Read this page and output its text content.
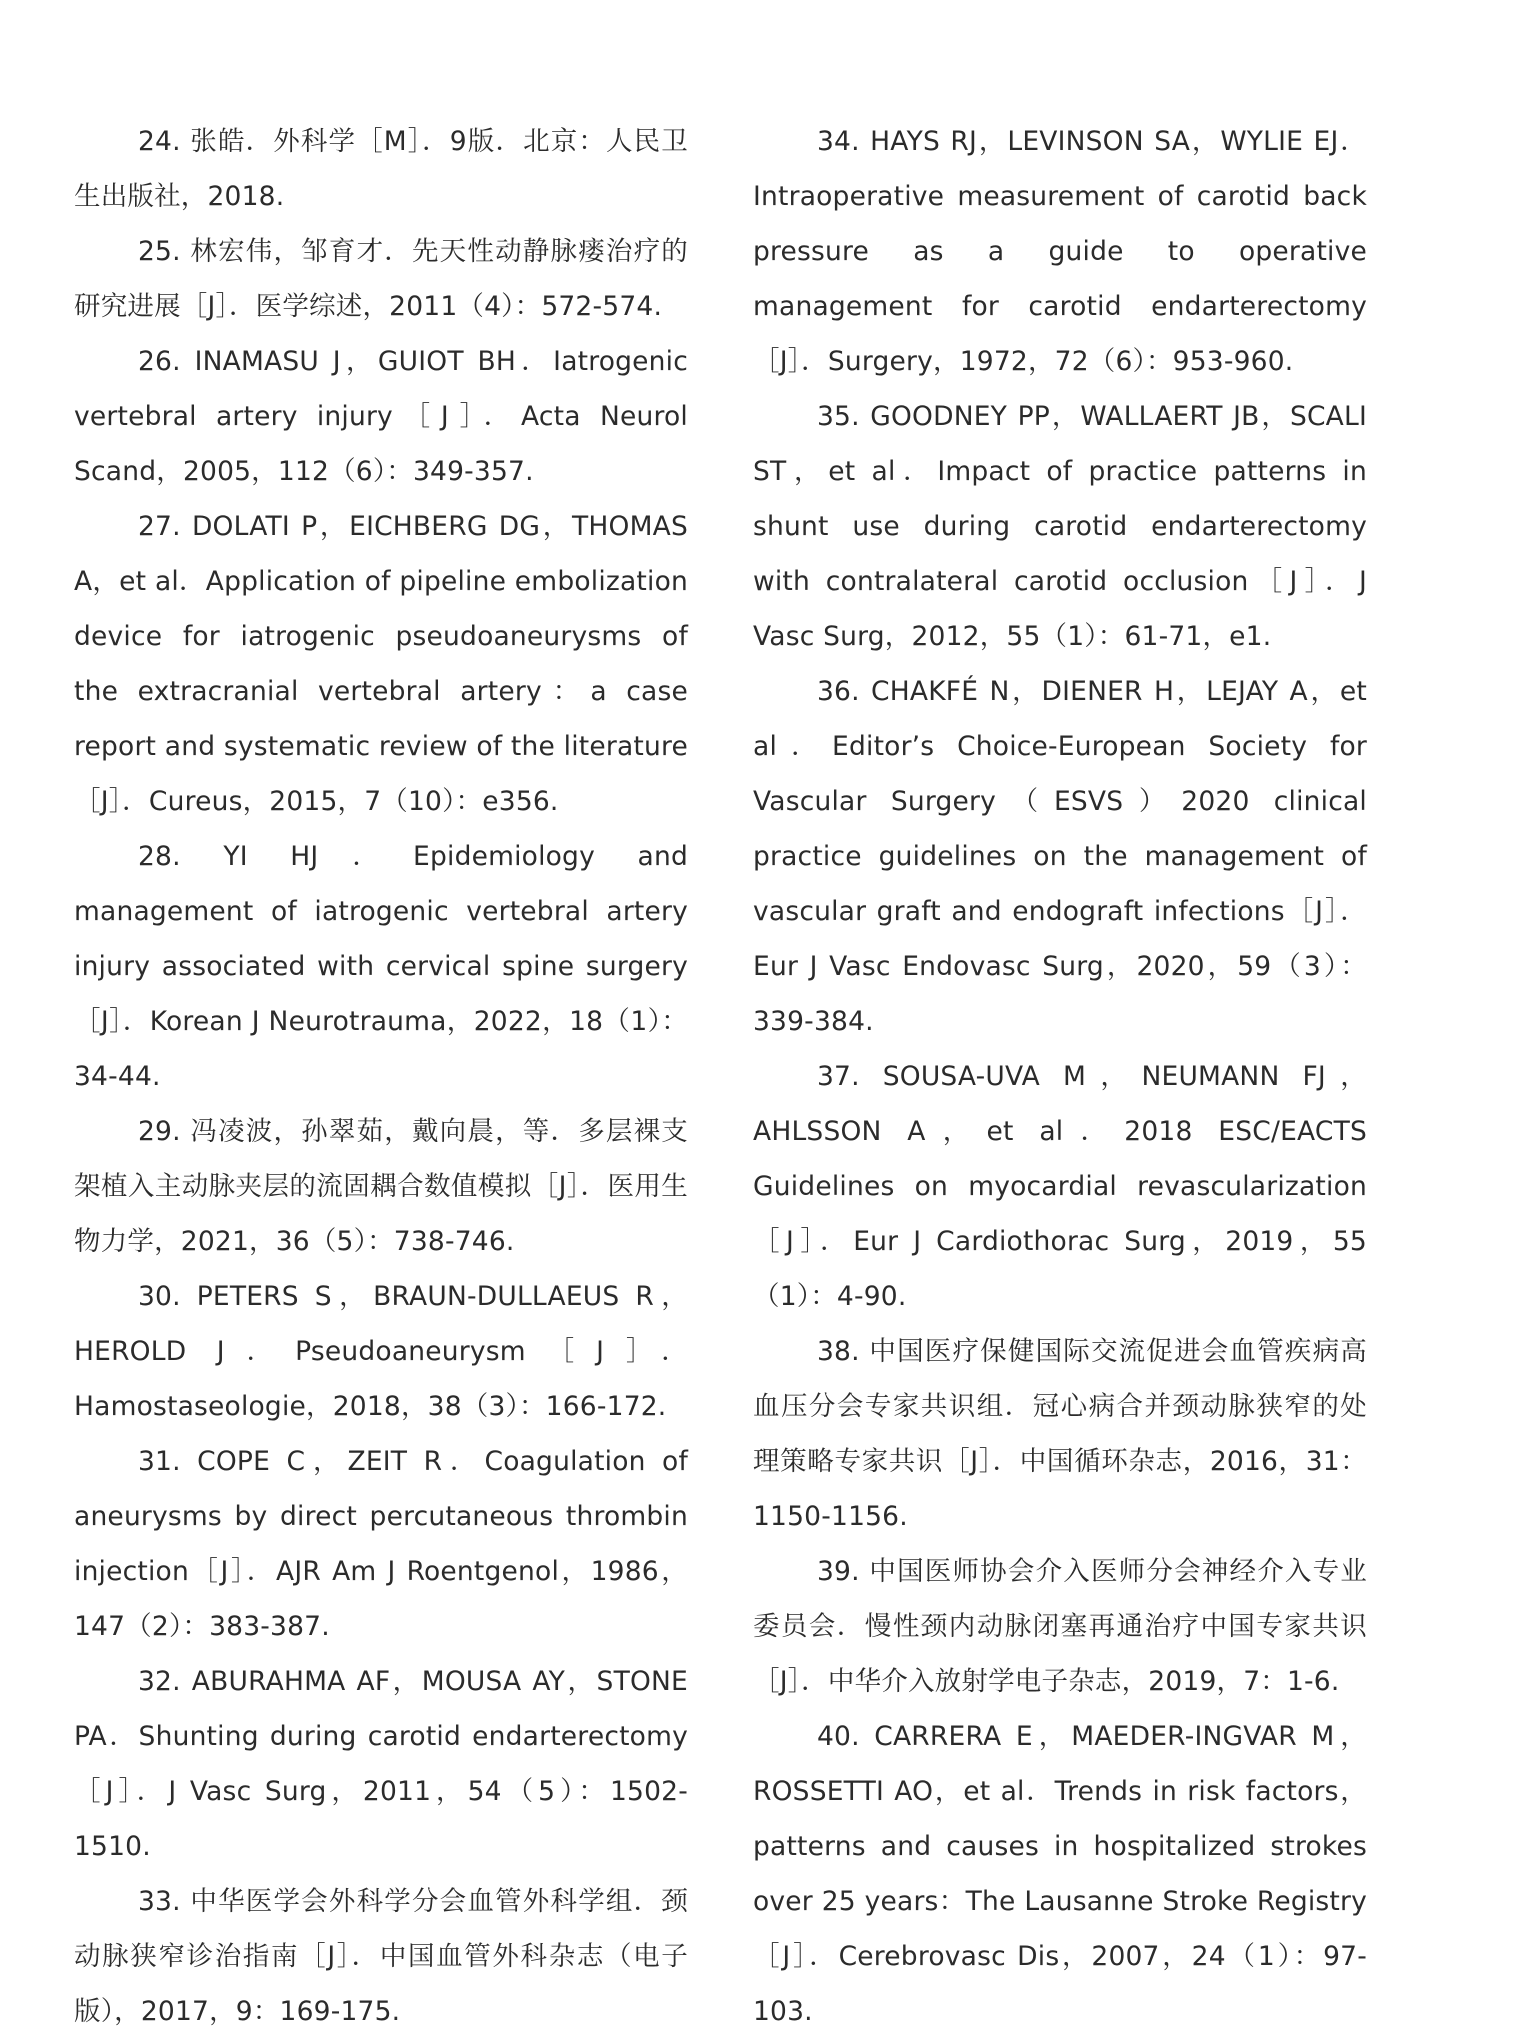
24. 张皓．外科学［M］．9版．北京：人民卫生出版社，2018.

25. 林宏伟，邹育才．先天性动静脉瘘治疗的研究进展［J］．医学综述，2011（4）：572-574.

26. INAMASU J，GUIOT BH．Iatrogenic vertebral artery injury［J］．Acta Neurol Scand，2005，112（6）：349-357.

27. DOLATI P，EICHBERG DG，THOMAS A，et al．Application of pipeline embolization device for iatrogenic pseudoaneurysms of the extracranial vertebral artery：a case report and systematic review of the literature［J］．Cureus，2015，7（10）：e356.

28. YI HJ．Epidemiology and management of iatrogenic vertebral artery injury associated with cervical spine surgery［J］．Korean J Neurotrauma，2022，18（1）：34-44.

29. 冯凌波，孙翠茹，戴向晨，等．多层裸支架植入主动脉夹层的流固耦合数值模拟［J］．医用生物力学，2021，36（5）：738-746.

30. PETERS S，BRAUN-DULLAEUS R，HEROLD J．Pseudoaneurysm［J］．Hamostaseologie，2018，38（3）：166-172.

31. COPE C，ZEIT R．Coagulation of aneurysms by direct percutaneous thrombin injection［J］．AJR Am J Roentgenol，1986，147（2）：383-387.

32. ABURAHMA AF，MOUSA AY，STONE PA．Shunting during carotid endarterectomy［J］．J Vasc Surg，2011，54（5）：1502-1510.

33. 中华医学会外科学分会血管外科学组．颈动脉狭窄诊治指南［J］．中国血管外科杂志（电子版），2017，9：169-175.

34. HAYS RJ，LEVINSON SA，WYLIE EJ．Intraoperative measurement of carotid back pressure as a guide to operative management for carotid endarterectomy［J］．Surgery，1972，72（6）：953-960.

35. GOODNEY PP，WALLAERT JB，SCALI ST，et al．Impact of practice patterns in shunt use during carotid endarterectomy with contralateral carotid occlusion［J］．J Vasc Surg，2012，55（1）：61-71，e1.

36. CHAKFÉ N，DIENER H，LEJAY A，et al．Editor’s Choice-European Society for Vascular Surgery（ESVS）2020 clinical practice guidelines on the management of vascular graft and endograft infections［J］．Eur J Vasc Endovasc Surg，2020，59（3）：339-384.

37. SOUSA-UVA M，NEUMANN FJ，AHLSSON A，et al．2018 ESC/EACTS Guidelines on myocardial revascularization［J］．Eur J Cardiothorac Surg，2019，55（1）：4-90.

38. 中国医疗保健国际交流促进会血管疾病高血压分会专家共识组．冠心病合并颈动脉狭窄的处理策略专家共识［J］．中国循环杂志，2016，31：1150-1156.

39. 中国医师协会介入医师分会神经介入专业委员会．慢性颈内动脉闭塞再通治疗中国专家共识［J］．中华介入放射学电子杂志，2019，7：1-6.

40. CARRERA E，MAEDER-INGVAR M，ROSSETTI AO，et al．Trends in risk factors，patterns and causes in hospitalized strokes over 25 years：The Lausanne Stroke Registry［J］．Cerebrovasc Dis，2007，24（1）：97-103.
